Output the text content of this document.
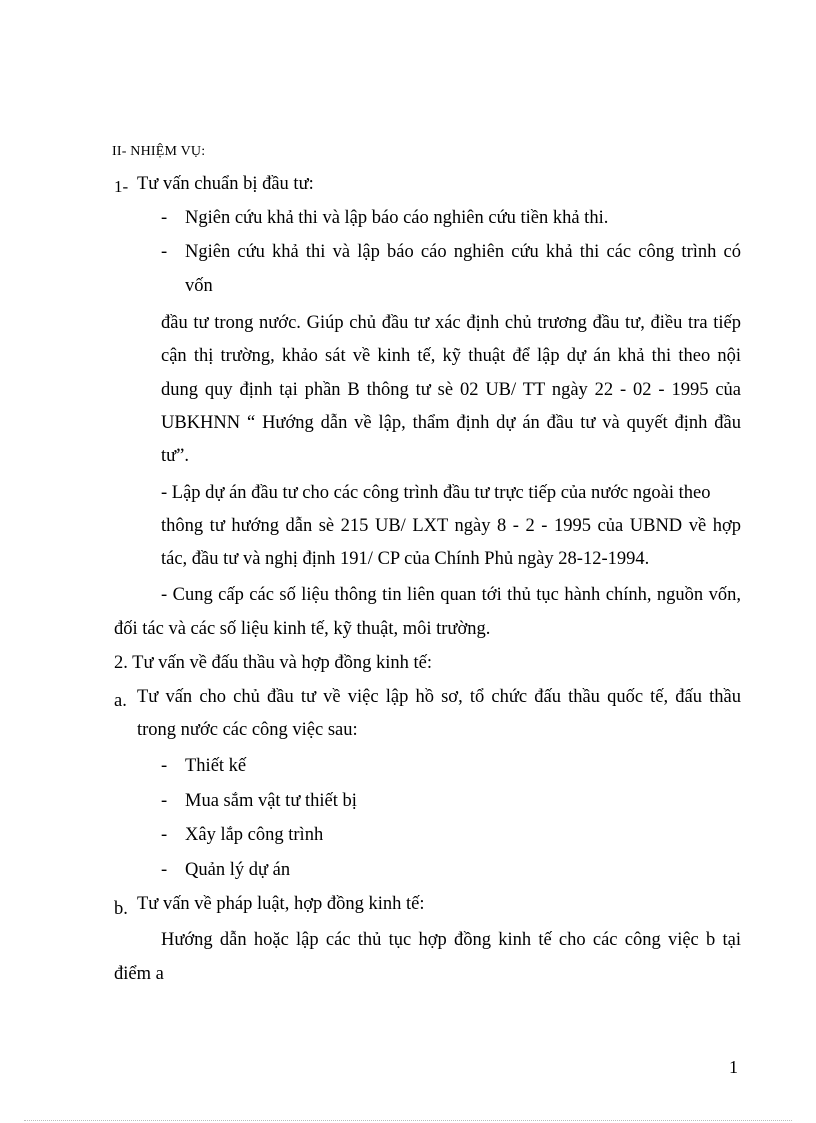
II- NHIỆM VỤ:
1- Tư vấn chuẩn bị đầu tư:
- Ngiên cứu khả thi và lập báo cáo nghiên cứu tiền khả thi.
- Ngiên cứu khả thi và lập báo cáo nghiên cứu khả thi các công trình có
vốn
đầu tư trong nước. Giúp chủ đầu tư xác định chủ trương đầu tư, điều tra tiếp
cận thị trường, khảo sát về kinh tế, kỹ thuật để lập dự án khả thi theo nội
dung quy định tại phần B thông tư sè 02 UB/ TT ngày 22 - 02 - 1995 của
UBKHNN “ Hướng dẫn về lập, thẩm định dự án đầu tư và quyết định đầu
tư”.
- Lập dự án đầu tư cho các công trình đầu tư trực tiếp của nước ngoài theo
thông tư hướng dẫn sè 215 UB/ LXT ngày 8 - 2 - 1995 của UBND về hợp
tác, đầu tư và nghị định 191/ CP của Chính Phủ ngày 28-12-1994.
- Cung cấp các số liệu thông tin liên quan tới thủ tục hành chính, nguồn vốn,
đối tác và các số liệu kinh tế, kỹ thuật, môi trường.
2. Tư vấn về đấu thầu và hợp đồng kinh tế:
a. Tư vấn cho chủ đầu tư về việc lập hồ sơ, tổ chức đấu thầu quốc tế, đấu thầu
trong nước các công việc sau:
- Thiết kế
- Mua sắm vật tư thiết bị
- Xây lắp công trình
- Quản lý dự án
b. Tư vấn về pháp luật, hợp đồng kinh tế:
Hướng dẫn hoặc lập các thủ tục hợp đồng kinh tế cho các công việc b tại
điểm a
1
